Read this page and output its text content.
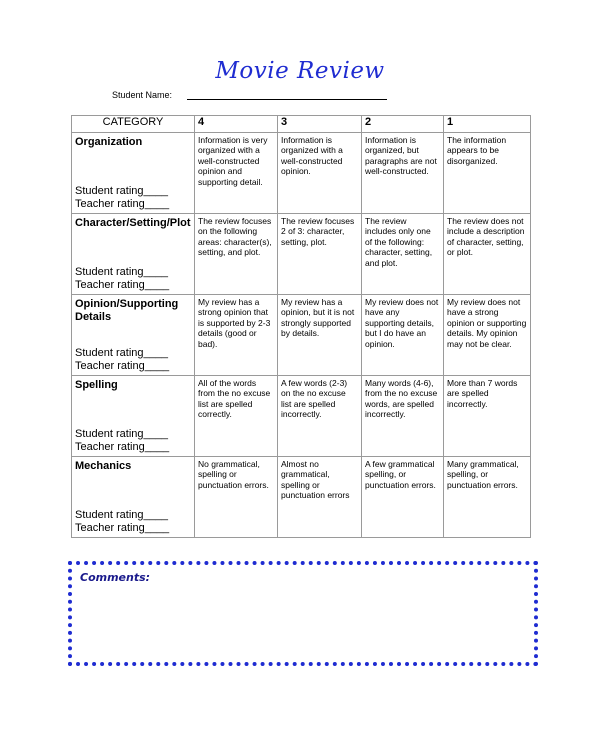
Movie Review
Student Name:
CATEGORY	4	3	2	1

Organization
Student rating____
Teacher rating____	Information is very organized with a well-constructed opinion and supporting detail.	Information is organized with a well-constructed opinion.	Information is organized, but paragraphs are not well-constructed.	The information appears to be disorganized.

Character/Setting/Plot
Student rating____
Teacher rating____	The review focuses on the following areas: character(s), setting, and plot.	The review focuses 2 of 3: character, setting, plot.	The review includes only one of the following: character, setting, and plot.	The review does not include a description of character, setting, or plot.

Opinion/Supporting Details
Student rating____
Teacher rating____	My review has a strong opinion that is supported by 2-3 details (good or bad).	My review has a opinion, but it is not strongly supported by details.	My review does not have any supporting details, but I do have an opinion.	My review does not have a strong opinion or supporting details. My opinion may not be clear.

Spelling
Student rating____
Teacher rating____	All of the words from the no excuse list are spelled correctly.	A few words (2-3) on the no excuse list are spelled incorrectly.	Many words (4-6), from the no excuse words, are spelled incorrectly.	More than 7 words are spelled incorrectly.

Mechanics
Student rating____
Teacher rating____	No grammatical, spelling or punctuation errors.	Almost no grammatical, spelling or punctuation errors	A few grammatical spelling, or punctuation errors.	Many grammatical, spelling, or punctuation errors.
Comments:
